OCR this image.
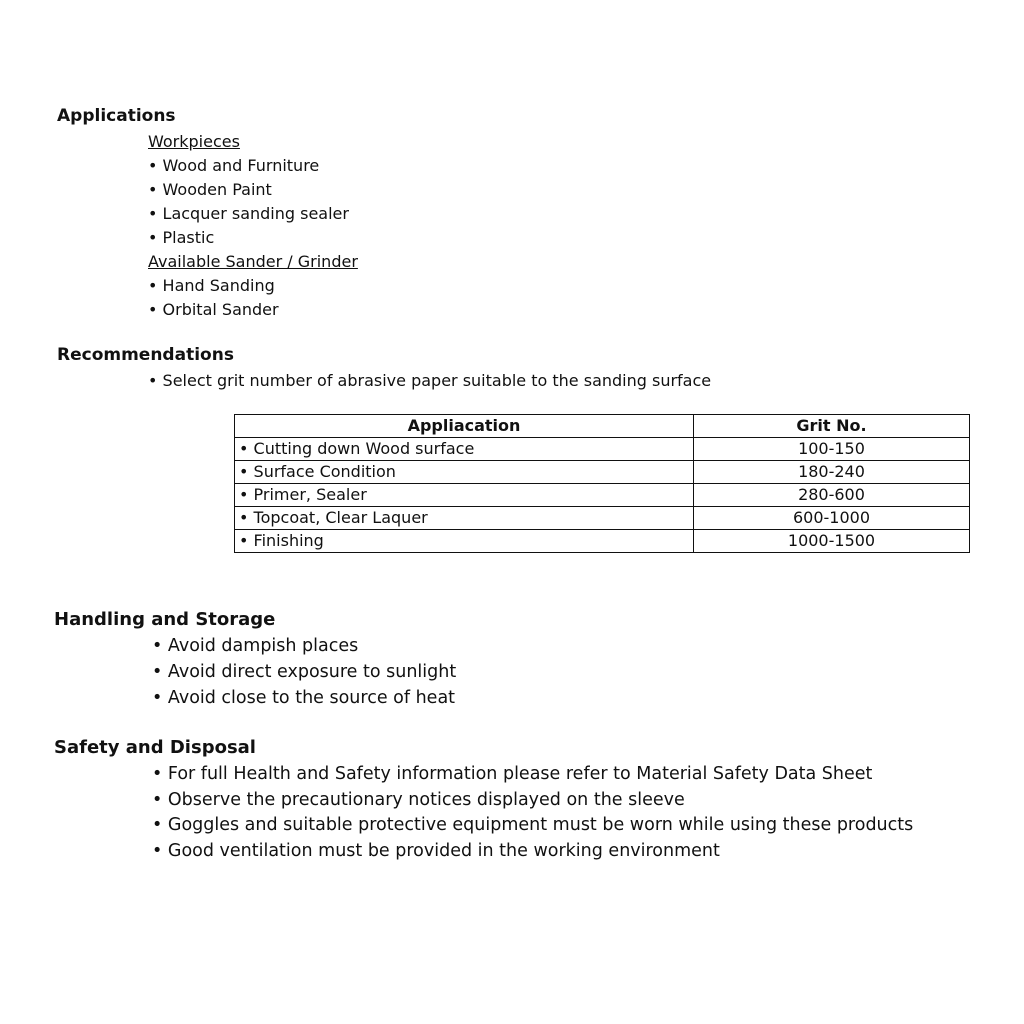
Applications
Workpieces
• Wood and Furniture
• Wooden Paint
• Lacquer sanding sealer
• Plastic
Available Sander / Grinder
• Hand Sanding
• Orbital Sander
Recommendations
• Select grit number of abrasive paper suitable to the sanding surface
Appliacation	Grit No.
• Cutting down Wood surface	100-150
• Surface Condition	180-240
• Primer, Sealer	280-600
• Topcoat, Clear Laquer	600-1000
• Finishing	1000-1500
Handling and Storage
• Avoid dampish places
• Avoid direct exposure to sunlight
• Avoid close to the source of heat
Safety and Disposal
• For full Health and Safety information please refer to Material Safety Data Sheet
• Observe the precautionary notices displayed on the sleeve
• Goggles and suitable protective equipment must be worn while using these products
• Good ventilation must be provided in the working environment
